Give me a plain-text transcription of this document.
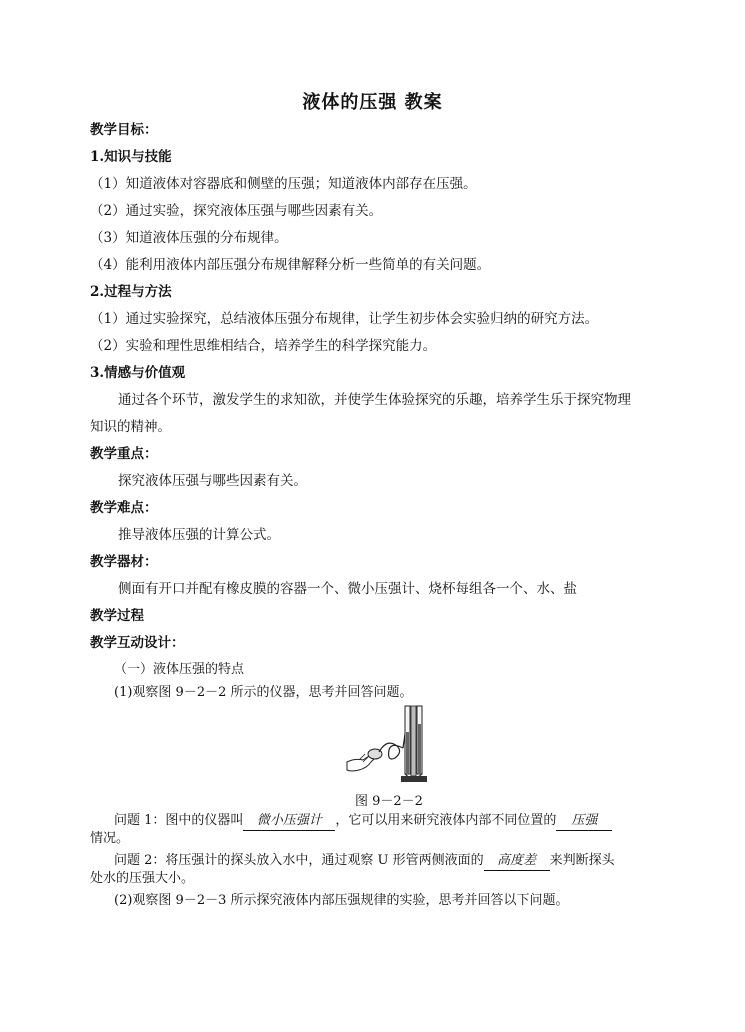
液体的压强 教案
教学目标：
1.知识与技能
（1）知道液体对容器底和侧壁的压强；知道液体内部存在压强。
（2）通过实验，探究液体压强与哪些因素有关。
（3）知道液体压强的分布规律。
（4）能利用液体内部压强分布规律解释分析一些简单的有关问题。
2.过程与方法
（1）通过实验探究，总结液体压强分布规律，让学生初步体会实验归纳的研究方法。
（2）实验和理性思维相结合，培养学生的科学探究能力。
3.情感与价值观
通过各个环节，激发学生的求知欲，并使学生体验探究的乐趣，培养学生乐于探究物理
知识的精神。
教学重点：
探究液体压强与哪些因素有关。
教学难点：
推导液体压强的计算公式。
教学器材：
侧面有开口并配有橡皮膜的容器一个、微小压强计、烧杯每组各一个、水、盐
教学过程
教学互动设计：
（一）液体压强的特点
(1)观察图 9－2－2 所示的仪器，思考并回答问题。
图 9－2－2
问题 1：图中的仪器叫 微小压强计 ，它可以用来研究液体内部不同位置的 压强
情况。
问题 2：将压强计的探头放入水中，通过观察 U 形管两侧液面的 高度差 来判断探头
处水的压强大小。
(2)观察图 9－2－3 所示探究液体内部压强规律的实验，思考并回答以下问题。
